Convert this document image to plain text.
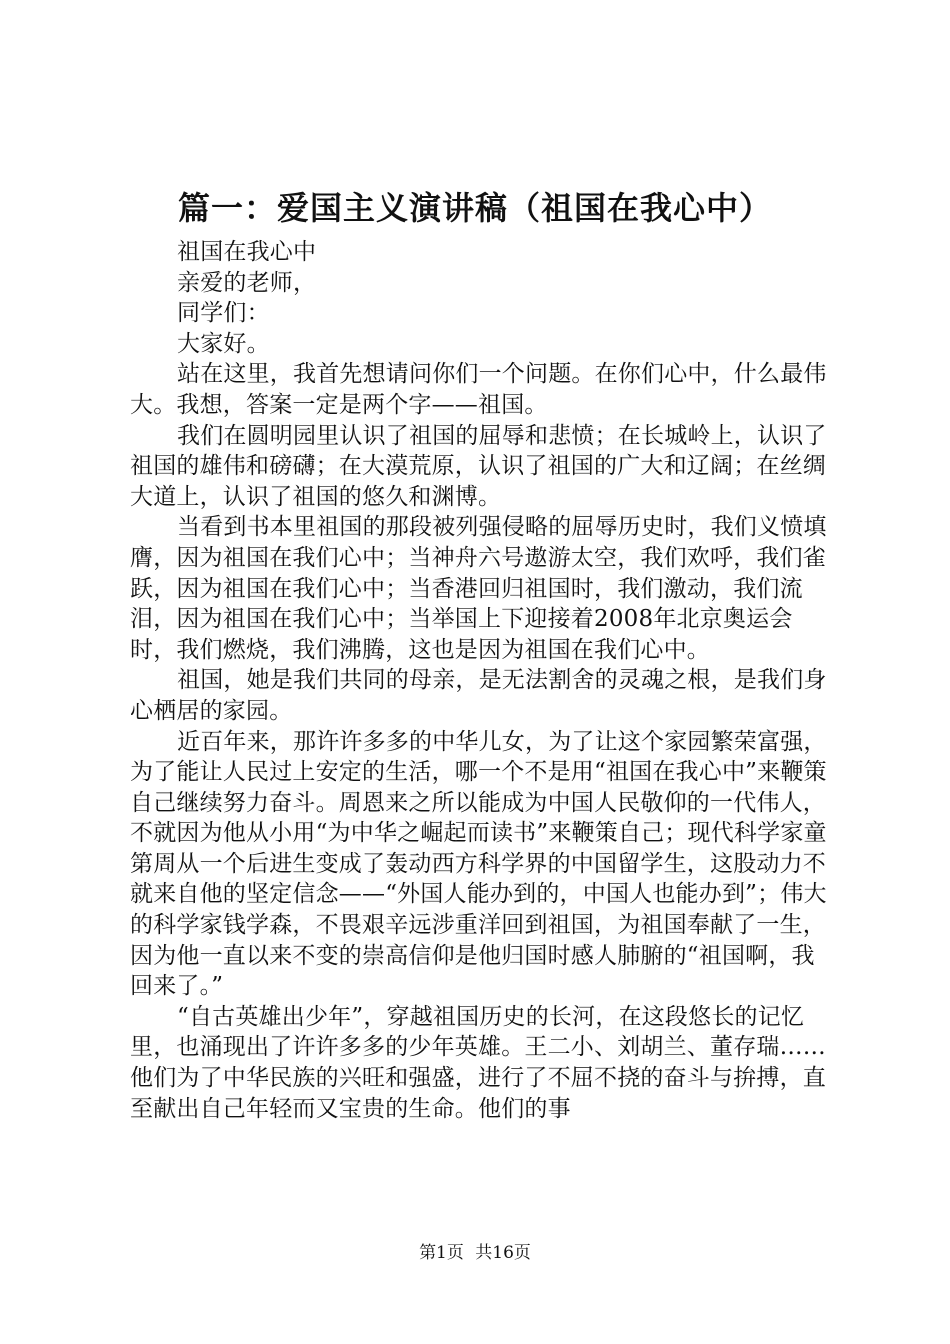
篇一：爱国主义演讲稿（祖国在我心中）

祖国在我心中

亲爱的老师，

同学们：

大家好。

站在这里，我首先想请问你们一个问题。在你们心中，什么最伟大。我想，答案一定是两个字——祖国。

我们在圆明园里认识了祖国的屈辱和悲愤；在长城岭上，认识了祖国的雄伟和磅礴；在大漠荒原，认识了祖国的广大和辽阔；在丝绸大道上，认识了祖国的悠久和渊博。

当看到书本里祖国的那段被列强侵略的屈辱历史时，我们义愤填膺，因为祖国在我们心中；当神舟六号遨游太空，我们欢呼，我们雀跃，因为祖国在我们心中；当香港回归祖国时，我们激动，我们流泪，因为祖国在我们心中；当举国上下迎接着2008年北京奥运会时，我们燃烧，我们沸腾，这也是因为祖国在我们心中。

祖国，她是我们共同的母亲，是无法割舍的灵魂之根，是我们身心栖居的家园。

近百年来，那许许多多的中华儿女，为了让这个家园繁荣富强，为了能让人民过上安定的生活，哪一个不是用“祖国在我心中”来鞭策自己继续努力奋斗。周恩来之所以能成为中国人民敬仰的一代伟人，不就因为他从小用“为中华之崛起而读书”来鞭策自己；现代科学家童第周从一个后进生变成了轰动西方科学界的中国留学生，这股动力不就来自他的坚定信念——“外国人能办到的，中国人也能办到”；伟大的科学家钱学森，不畏艰辛远涉重洋回到祖国，为祖国奉献了一生，因为他一直以来不变的崇高信仰是他归国时感人肺腑的“祖国啊，我回来了。”

“自古英雄出少年”，穿越祖国历史的长河，在这段悠长的记忆里，也涌现出了许许多多的少年英雄。王二小、刘胡兰、董存瑞……他们为了中华民族的兴旺和强盛，进行了不屈不挠的奋斗与拚搏，直至献出自己年轻而又宝贵的生命。他们的事

第1页 共16页
